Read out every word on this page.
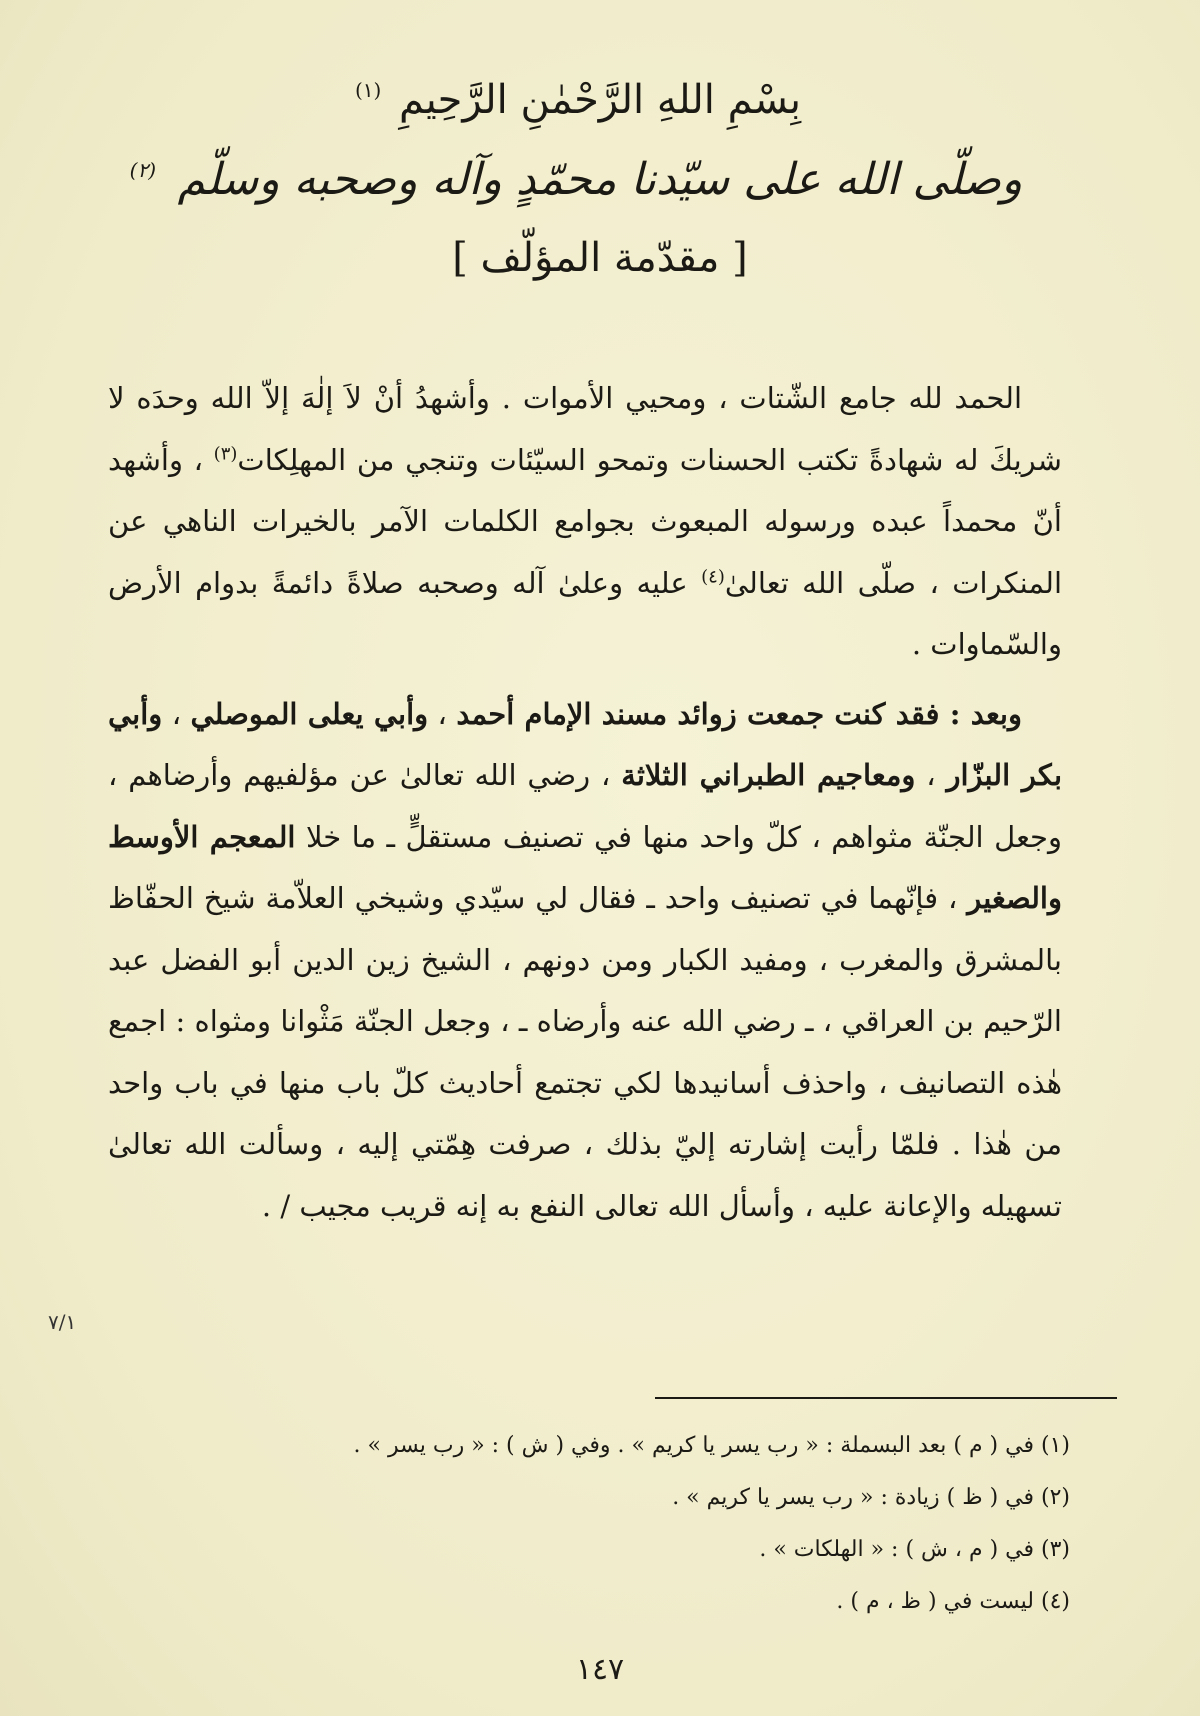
بِسْمِ اللهِ الرَّحْمٰنِ الرَّحِيمِ
(١)
وصلّى الله على سيّدنا محمّدٍ وآله وصحبه وسلّم
(٢)
[ مقدّمة المؤلّف ]

الحمد لله جامع الشّتات ، ومحيي الأموات . وأشهدُ أنْ لاَ إلٰهَ إلاّ الله وحدَه لا شريكَ له شهادةً تكتب الحسنات وتمحو السيّئات وتنجي من المهلِكات$^{(٣)}$ ، وأشهد أنّ محمداً عبده ورسوله المبعوث بجوامع الكلمات الآمر بالخيرات الناهي عن المنكرات ، صلّى الله تعالىٰ$^{(٤)}$ عليه وعلىٰ آله وصحبه صلاةً دائمةً بدوام الأرض والسّماوات .

وبعد : فقد كنت جمعت زوائد مسند الإمام أحمد ، وأبي يعلى الموصلي ، وأبي بكر البزّار ، ومعاجيم الطبراني الثلاثة ، رضي الله تعالىٰ عن مؤلفيهم وأرضاهم ، وجعل الجنّة مثواهم ، كلّ واحد منها في تصنيف مستقلٍّ ـ ما خلا المعجم الأوسط والصغير ، فإنّهما في تصنيف واحد ـ فقال لي سيّدي وشيخي العلاّمة شيخ الحفّاظ بالمشرق والمغرب ، ومفيد الكبار ومن دونهم ، الشيخ زين الدين أبو الفضل عبد الرّحيم بن العراقي ، ـ رضي الله عنه وأرضاه ـ ، وجعل الجنّة مَثْوانا ومثواه : اجمع هٰذه التصانيف ، واحذف أسانيدها لكي تجتمع أحاديث كلّ باب منها في باب واحد من هٰذا . فلمّا رأيت إشارته إليّ بذلك ، صرفت هِمّتي إليه ، وسألت الله تعالىٰ تسهيله والإعانة عليه ، وأسأل الله تعالى النفع به إنه قريب مجيب / .

٧/١
(١) في ( م ) بعد البسملة : « رب يسر يا كريم » . وفي ( ش ) : « رب يسر » .
(٢) في ( ظ ) زيادة : « رب يسر يا كريم » .
(٣) في ( م ، ش ) : « الهلكات » .
(٤) ليست في ( ظ ، م ) .
١٤٧
